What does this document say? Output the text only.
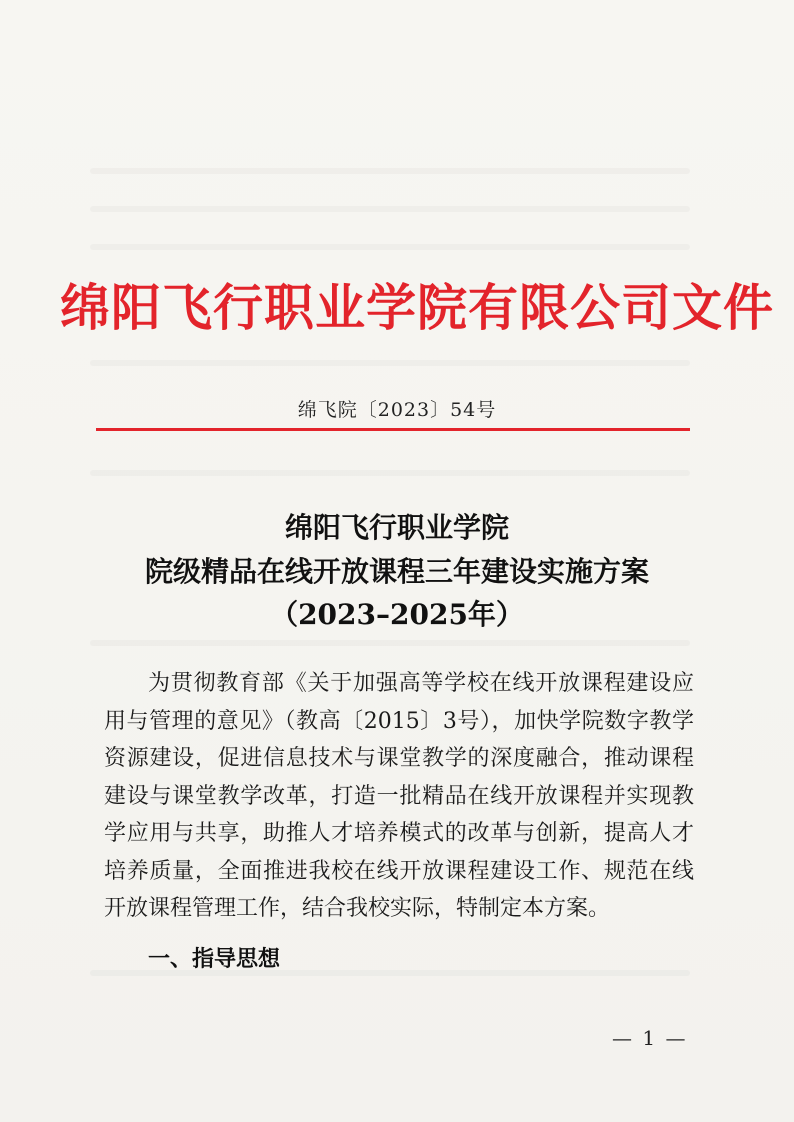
绵阳飞行职业学院有限公司文件
绵飞院〔2023〕54号
绵阳飞行职业学院
院级精品在线开放课程三年建设实施方案
（2023–2025年）
为贯彻教育部《关于加强高等学校在线开放课程建设应用与管理的意见》（教高〔2015〕3号），加快学院数字教学资源建设，促进信息技术与课堂教学的深度融合，推动课程建设与课堂教学改革，打造一批精品在线开放课程并实现教学应用与共享，助推人才培养模式的改革与创新，提高人才培养质量，全面推进我校在线开放课程建设工作、规范在线开放课程管理工作，结合我校实际，特制定本方案。
一、指导思想
— 1 —
